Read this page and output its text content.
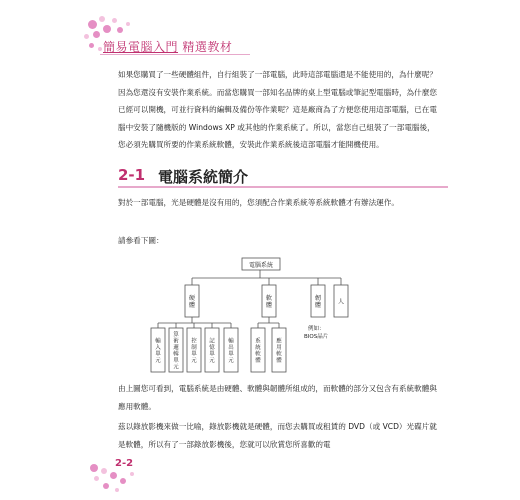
簡易電腦入門 精選教材
如果您購買了一些硬體組件，自行組裝了一部電腦，此時這部電腦還是不能使用的，為什麼呢？因為您還沒有安裝作業系統。而當您購買一部知名品牌的桌上型電腦或筆記型電腦時，為什麼您已經可以開機，可並行資料的編輯及備份等作業呢？這是廠商為了方便您使用這部電腦，已在電腦中安裝了隨機版的 Windows XP 或其他的作業系統了。所以，當您自己組裝了一部電腦後，您必須先購買所要的作業系統軟體，安裝此作業系統後這部電腦才能開機使用。
2-1 電腦系統簡介
對於一部電腦，光是硬體是沒有用的，您須配合作業系統等系統軟體才有辦法運作。
請參看下圖：
電腦系統
硬體
軟體
韌體	人
輸入單元
算術邏輯單元
控制單元
記憶單元
輸出單元
系統軟體
應用軟體
例如：
BIOS晶片
由上圖您可看到，電腦系統是由硬體、軟體與韌體所組成的，而軟體的部分又包含有系統軟體與應用軟體。
茲以錄放影機來做一比喻，錄放影機就是硬體，而您去購買或租賃的 DVD（或 VCD）光碟片就是軟體，所以有了一部錄放影機後，您就可以欣賞您所喜歡的電
2-2
